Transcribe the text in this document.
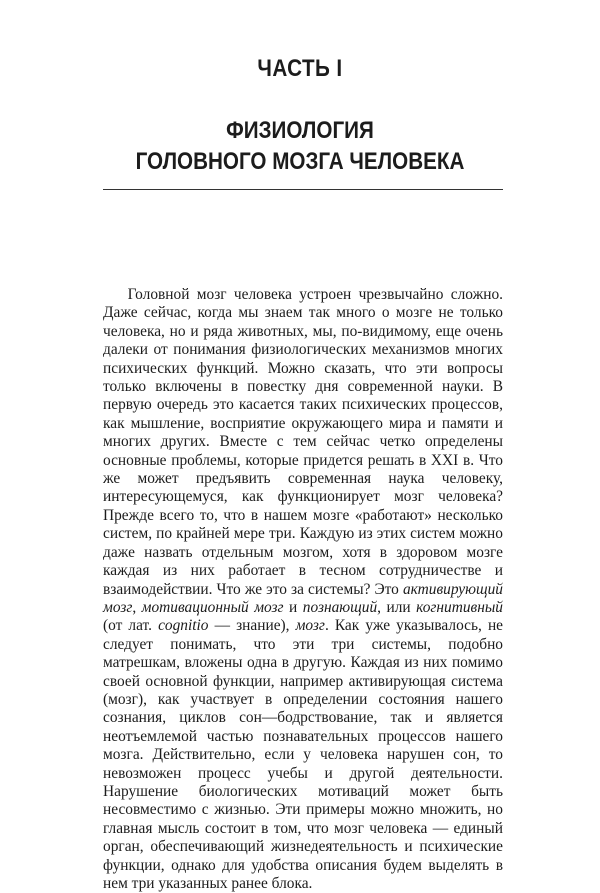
ЧАСТЬ I
ФИЗИОЛОГИЯ
ГОЛОВНОГО МОЗГА ЧЕЛОВЕКА

Головной мозг человека устроен чрезвычайно сложно. Даже сейчас, когда мы знаем так много о мозге не только человека, но и ряда животных, мы, по-видимому, еще очень далеки от понимания физиологических механизмов многих психических функций. Можно сказать, что эти вопросы только включены в повестку дня современной науки. В первую очередь это касается таких психических процессов, как мышление, восприятие окружающего мира и памяти и многих других. Вместе с тем сейчас четко определены основные проблемы, которые придется решать в XXI в. Что же может предъявить современная наука человеку, интересующемуся, как функционирует мозг человека? Прежде всего то, что в нашем мозге «работают» несколько систем, по крайней мере три. Каждую из этих систем можно даже назвать отдельным мозгом, хотя в здоровом мозге каждая из них работает в тесном сотрудничестве и взаимодействии. Что же это за системы? Это активирующий мозг, мотивационный мозг и познающий, или когнитивный (от лат. cognitio — знание), мозг. Как уже указывалось, не следует понимать, что эти три системы, подобно матрешкам, вложены одна в другую. Каждая из них помимо своей основной функции, например активирующая система (мозг), как участвует в определении состояния нашего сознания, циклов сон—бодрствование, так и является неотъемлемой частью познавательных процессов нашего мозга. Действительно, если у человека нарушен сон, то невозможен процесс учебы и другой деятельности. Нарушение биологических мотиваций может быть несовместимо с жизнью. Эти примеры можно множить, но главная мысль состоит в том, что мозг человека — единый орган, обеспечивающий жизнедеятельность и психические функции, однако для удобства описания будем выделять в нем три указанных ранее блока.
